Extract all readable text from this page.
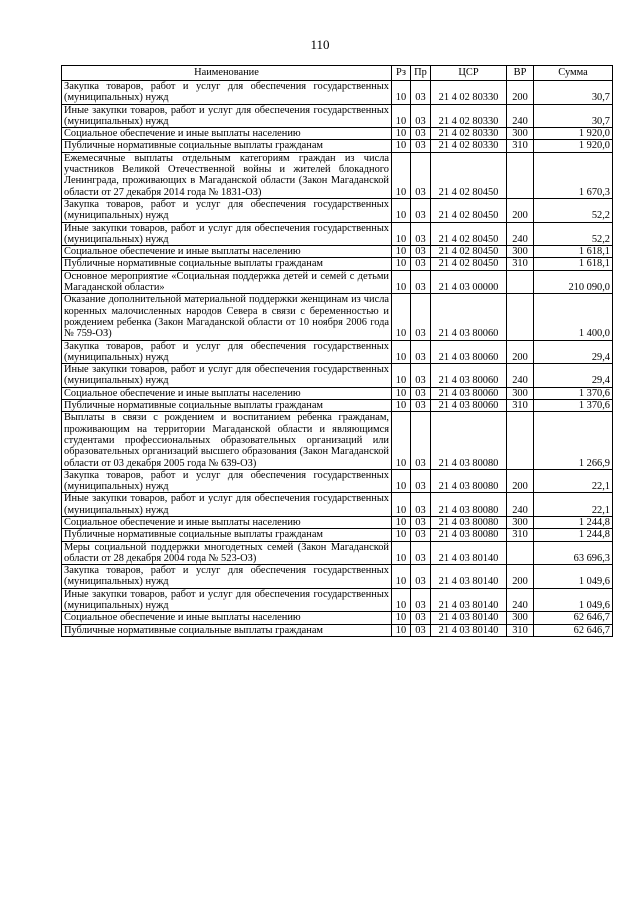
110
Наименование	Рз	Пр	ЦСР	ВР	Сумма
Закупка товаров, работ и услуг для обеспечения государственных (муниципальных) нужд	10	03	21 4 02 80330	200	30,7
Иные закупки товаров, работ и услуг для обеспечения государственных (муниципальных) нужд	10	03	21 4 02 80330	240	30,7
Социальное обеспечение и иные выплаты населению	10	03	21 4 02 80330	300	1 920,0
Публичные нормативные социальные выплаты гражданам	10	03	21 4 02 80330	310	1 920,0
Ежемесячные выплаты отдельным категориям граждан из числа участников Великой Отечественной войны и жителей блокадного Ленинграда, проживающих в Магаданской области (Закон Магаданской области от 27 декабря 2014 года № 1831-ОЗ)	10	03	21 4 02 80450		1 670,3
Закупка товаров, работ и услуг для обеспечения государственных (муниципальных) нужд	10	03	21 4 02 80450	200	52,2
Иные закупки товаров, работ и услуг для обеспечения государственных (муниципальных) нужд	10	03	21 4 02 80450	240	52,2
Социальное обеспечение и иные выплаты населению	10	03	21 4 02 80450	300	1 618,1
Публичные нормативные социальные выплаты гражданам	10	03	21 4 02 80450	310	1 618,1
Основное мероприятие «Социальная поддержка детей и семей с детьми Магаданской области»	10	03	21 4 03 00000		210 090,0
Оказание дополнительной материальной поддержки женщинам из числа коренных малочисленных народов Севера в связи с беременностью и рождением ребенка (Закон Магаданской области от 10 ноября 2006 года № 759-ОЗ)	10	03	21 4 03 80060		1 400,0
Закупка товаров, работ и услуг для обеспечения государственных (муниципальных) нужд	10	03	21 4 03 80060	200	29,4
Иные закупки товаров, работ и услуг для обеспечения государственных (муниципальных) нужд	10	03	21 4 03 80060	240	29,4
Социальное обеспечение и иные выплаты населению	10	03	21 4 03 80060	300	1 370,6
Публичные нормативные социальные выплаты гражданам	10	03	21 4 03 80060	310	1 370,6
Выплаты в связи с рождением и воспитанием ребенка гражданам, проживающим на территории Магаданской области и являющимся студентами профессиональных образовательных организаций или образовательных организаций высшего образования (Закон Магаданской области от 03 декабря 2005 года № 639-ОЗ)	10	03	21 4 03 80080		1 266,9
Закупка товаров, работ и услуг для обеспечения государственных (муниципальных) нужд	10	03	21 4 03 80080	200	22,1
Иные закупки товаров, работ и услуг для обеспечения государственных (муниципальных) нужд	10	03	21 4 03 80080	240	22,1
Социальное обеспечение и иные выплаты населению	10	03	21 4 03 80080	300	1 244,8
Публичные нормативные социальные выплаты гражданам	10	03	21 4 03 80080	310	1 244,8
Меры социальной поддержки многодетных семей (Закон Магаданской области от 28 декабря 2004 года № 523-ОЗ)	10	03	21 4 03 80140		63 696,3
Закупка товаров, работ и услуг для обеспечения государственных (муниципальных) нужд	10	03	21 4 03 80140	200	1 049,6
Иные закупки товаров, работ и услуг для обеспечения государственных (муниципальных) нужд	10	03	21 4 03 80140	240	1 049,6
Социальное обеспечение и иные выплаты населению	10	03	21 4 03 80140	300	62 646,7
Публичные нормативные социальные выплаты гражданам	10	03	21 4 03 80140	310	62 646,7
